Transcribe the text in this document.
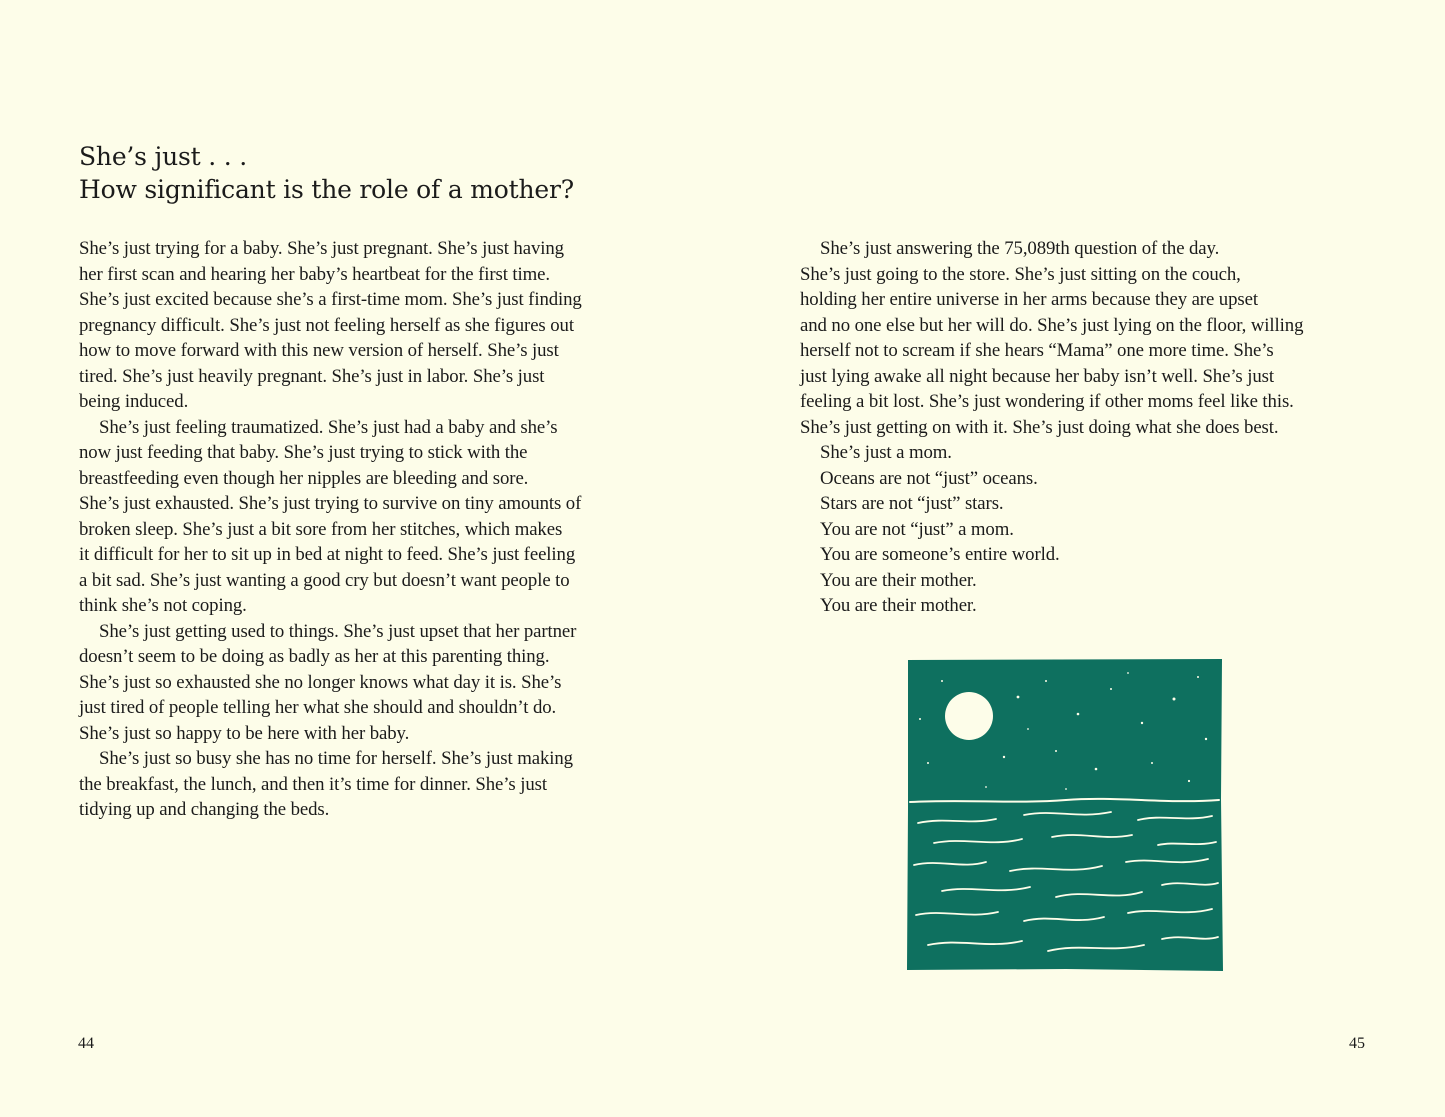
She’s just . . .
How significant is the role of a mother?
She’s just trying for a baby. She’s just pregnant. She’s just having
her first scan and hearing her baby’s heartbeat for the first time.
She’s just excited because she’s a first-time mom. She’s just finding
pregnancy difficult. She’s just not feeling herself as she figures out
how to move forward with this new version of herself. She’s just
tired. She’s just heavily pregnant. She’s just in labor. She’s just
being induced.
She’s just feeling traumatized. She’s just had a baby and she’s
now just feeding that baby. She’s just trying to stick with the
breastfeeding even though her nipples are bleeding and sore.
She’s just exhausted. She’s just trying to survive on tiny amounts of
broken sleep. She’s just a bit sore from her stitches, which makes
it difficult for her to sit up in bed at night to feed. She’s just feeling
a bit sad. She’s just wanting a good cry but doesn’t want people to
think she’s not coping.
She’s just getting used to things. She’s just upset that her partner
doesn’t seem to be doing as badly as her at this parenting thing.
She’s just so exhausted she no longer knows what day it is. She’s
just tired of people telling her what she should and shouldn’t do.
She’s just so happy to be here with her baby.
She’s just so busy she has no time for herself. She’s just making
the breakfast, the lunch, and then it’s time for dinner. She’s just
tidying up and changing the beds.
She’s just answering the 75,089th question of the day.
She’s just going to the store. She’s just sitting on the couch,
holding her entire universe in her arms because they are upset
and no one else but her will do. She’s just lying on the floor, willing
herself not to scream if she hears “Mama” one more time. She’s
just lying awake all night because her baby isn’t well. She’s just
feeling a bit lost. She’s just wondering if other moms feel like this.
She’s just getting on with it. She’s just doing what she does best.
She’s just a mom.
Oceans are not “just” oceans.
Stars are not “just” stars.
You are not “just” a mom.
You are someone’s entire world.
You are their mother.
You are their mother.
44	45
